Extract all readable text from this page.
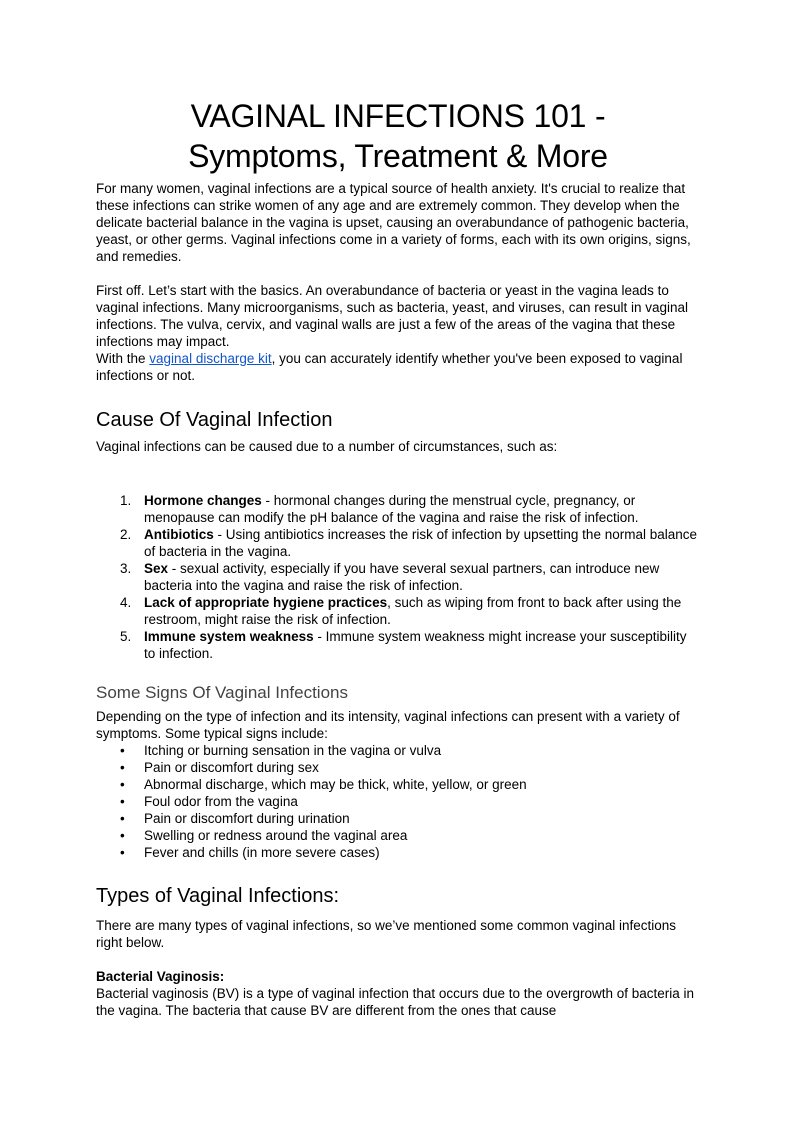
VAGINAL INFECTIONS 101 -
Symptoms, Treatment & More

For many women, vaginal infections are a typical source of health anxiety. It's crucial to realize that these infections can strike women of any age and are extremely common. They develop when the delicate bacterial balance in the vagina is upset, causing an overabundance of pathogenic bacteria, yeast, or other germs. Vaginal infections come in a variety of forms, each with its own origins, signs, and remedies.

First off. Let’s start with the basics. An overabundance of bacteria or yeast in the vagina leads to vaginal infections. Many microorganisms, such as bacteria, yeast, and viruses, can result in vaginal infections. The vulva, cervix, and vaginal walls are just a few of the areas of the vagina that these infections may impact.

With the vaginal discharge kit, you can accurately identify whether you've been exposed to vaginal infections or not.

Cause Of Vaginal Infection

Vaginal infections can be caused due to a number of circumstances, such as:

1. Hormone changes - hormonal changes during the menstrual cycle, pregnancy, or menopause can modify the pH balance of the vagina and raise the risk of infection.
2. Antibiotics - Using antibiotics increases the risk of infection by upsetting the normal balance of bacteria in the vagina.
3. Sex - sexual activity, especially if you have several sexual partners, can introduce new bacteria into the vagina and raise the risk of infection.
4. Lack of appropriate hygiene practices, such as wiping from front to back after using the restroom, might raise the risk of infection.
5. Immune system weakness - Immune system weakness might increase your susceptibility to infection.
Some Signs Of Vaginal Infections

Depending on the type of infection and its intensity, vaginal infections can present with a variety of symptoms. Some typical signs include:

• Itching or burning sensation in the vagina or vulva
• Pain or discomfort during sex
• Abnormal discharge, which may be thick, white, yellow, or green
• Foul odor from the vagina
• Pain or discomfort during urination
• Swelling or redness around the vaginal area
• Fever and chills (in more severe cases)
Types of Vaginal Infections:

There are many types of vaginal infections, so we’ve mentioned some common vaginal infections right below.

Bacterial Vaginosis:

Bacterial vaginosis (BV) is a type of vaginal infection that occurs due to the overgrowth of bacteria in the vagina. The bacteria that cause BV are different from the ones that cause
